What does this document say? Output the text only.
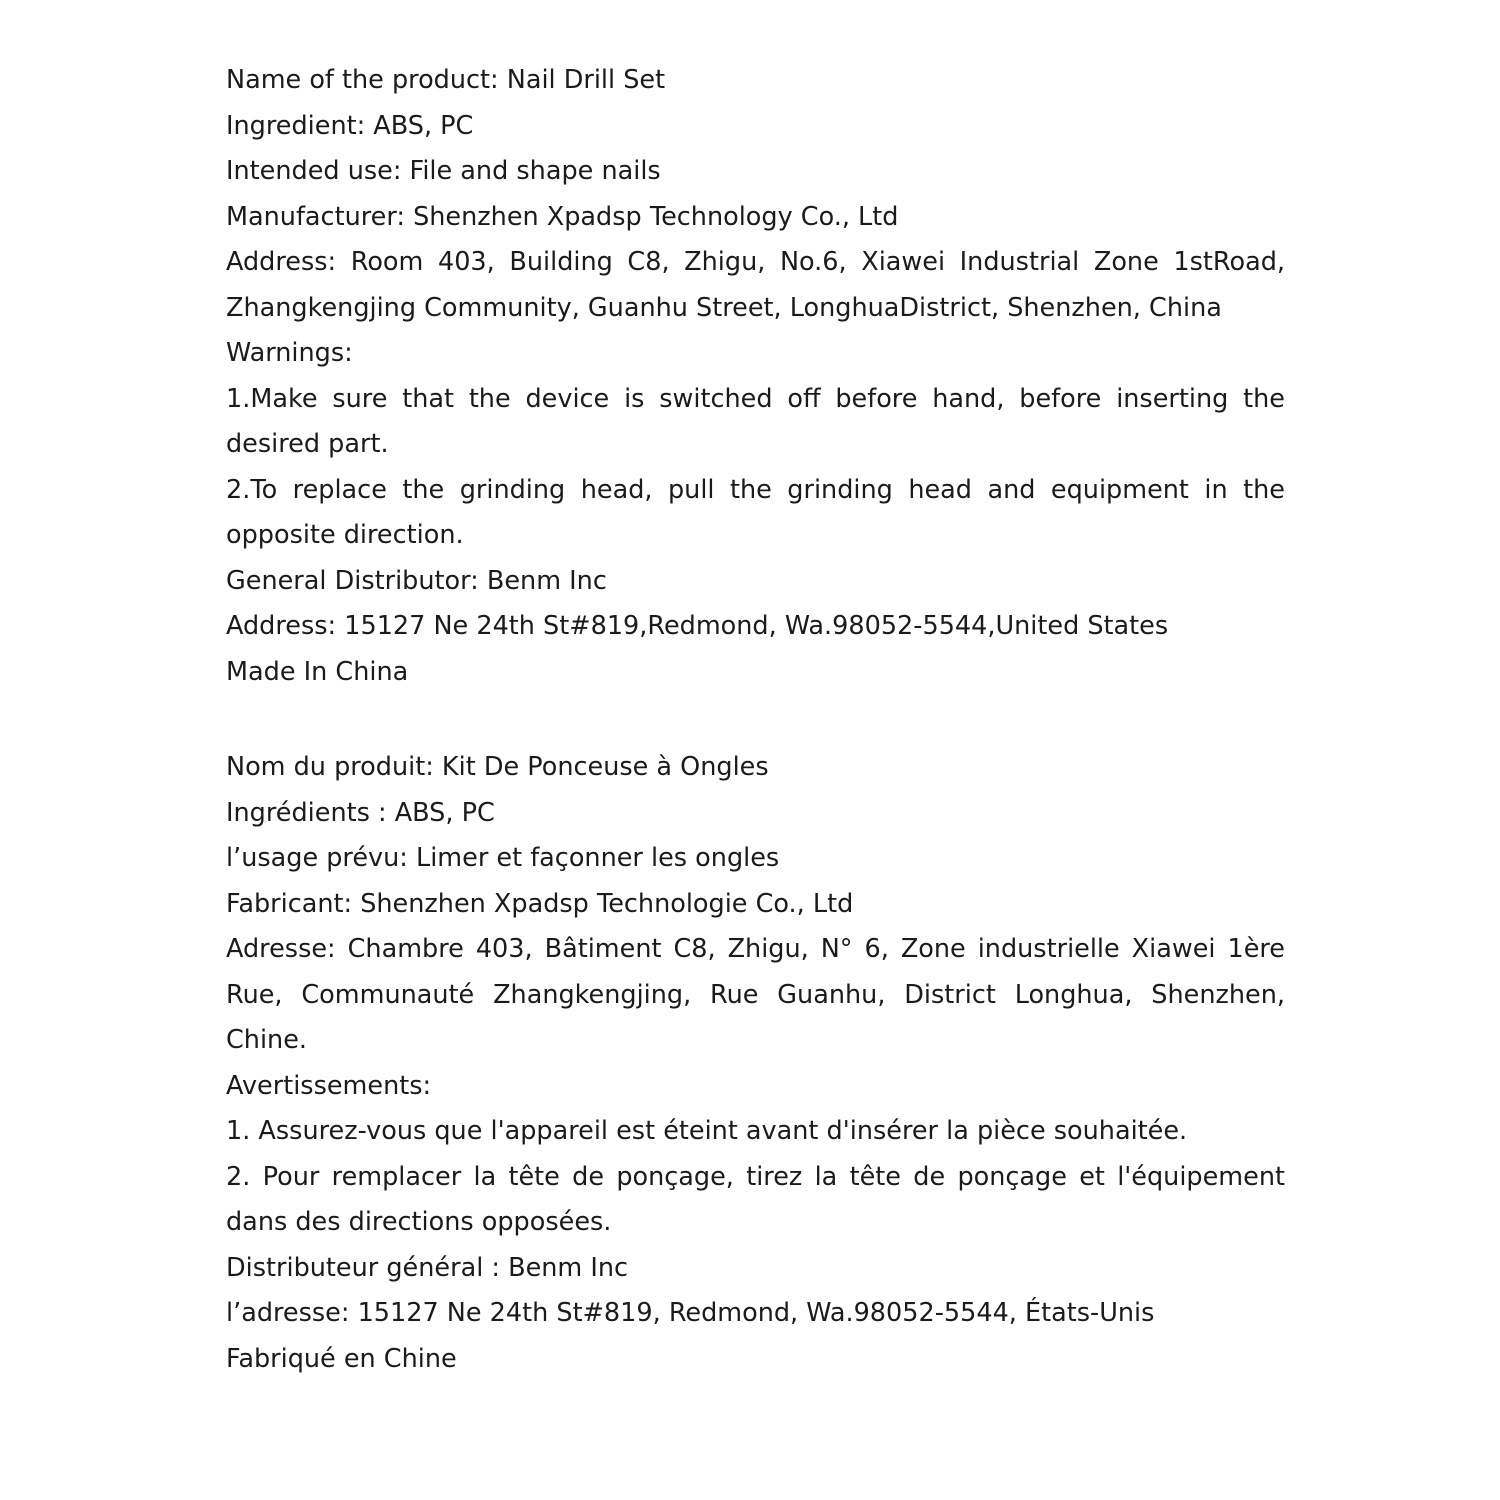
Name of the product: Nail Drill Set

Ingredient: ABS, PC

Intended use: File and shape nails

Manufacturer: Shenzhen Xpadsp Technology Co., Ltd

Address: Room 403, Building C8, Zhigu, No.6, Xiawei Industrial Zone 1stRoad, Zhangkengjing Community, Guanhu Street, LonghuaDistrict, Shenzhen, China

Warnings:

1.Make sure that the device is switched off before hand, before inserting the desired part.

2.To replace the grinding head, pull the grinding head and equipment in the opposite direction.

General Distributor: Benm Inc

Address: 15127 Ne 24th St#819,Redmond, Wa.98052-5544,United States

Made In China

Nom du produit: Kit De Ponceuse à Ongles

Ingrédients : ABS, PC

l’usage prévu: Limer et façonner les ongles

Fabricant: Shenzhen Xpadsp Technologie Co., Ltd

Adresse: Chambre 403, Bâtiment C8, Zhigu, N° 6, Zone industrielle Xiawei 1ère Rue, Communauté Zhangkengjing, Rue Guanhu, District Longhua, Shenzhen, Chine.

Avertissements:

1. Assurez-vous que l'appareil est éteint avant d'insérer la pièce souhaitée.

2. Pour remplacer la tête de ponçage, tirez la tête de ponçage et l'équipement dans des directions opposées.

Distributeur général : Benm Inc

l’adresse: 15127 Ne 24th St#819, Redmond, Wa.98052-5544, États-Unis

Fabriqué en Chine
